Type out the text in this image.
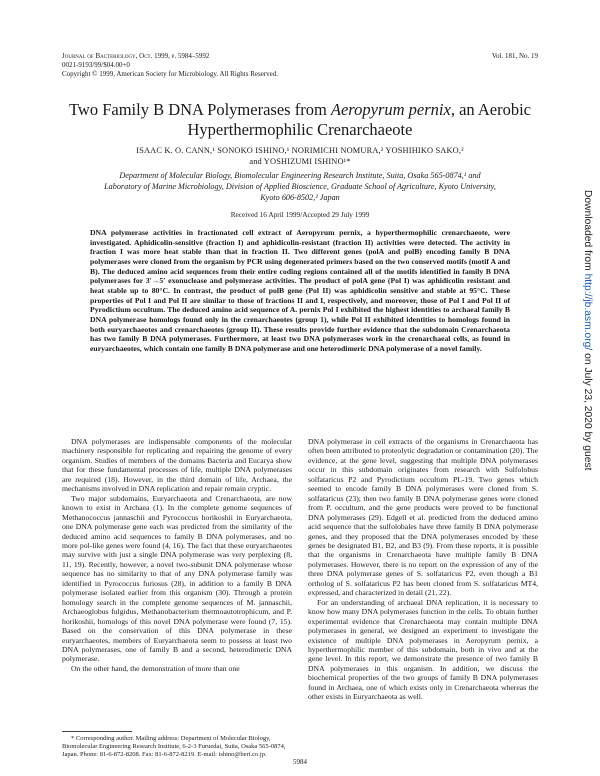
Journal of Bacteriology, Oct. 1999, p. 5984–5992
0021-9193/99/$04.00+0
Copyright © 1999, American Society for Microbiology. All Rights Reserved.
Vol. 181, No. 19
Two Family B DNA Polymerases from Aeropyrum pernix, an Aerobic Hyperthermophilic Crenarchaeote
ISAAC K. O. CANN,¹ SONOKO ISHINO,¹ NORIMICHI NOMURA,² YOSHIHIKO SAKO,²
and YOSHIZUMI ISHINO¹*
Department of Molecular Biology, Biomolecular Engineering Research Institute, Suita, Osaka 565-0874,¹ and
Laboratory of Marine Microbiology, Division of Applied Bioscience, Graduate School of Agriculture, Kyoto University,
Kyoto 606-8502,² Japan
Received 16 April 1999/Accepted 29 July 1999
DNA polymerase activities in fractionated cell extract of Aeropyrum pernix, a hyperthermophilic crenarchaeote, were investigated. Aphidicolin-sensitive (fraction I) and aphidicolin-resistant (fraction II) activities were detected. The activity in fraction I was more heat stable than that in fraction II. Two different genes (polA and polB) encoding family B DNA polymerases were cloned from the organism by PCR using degenerated primers based on the two conserved motifs (motif A and B). The deduced amino acid sequences from their entire coding regions contained all of the motifs identified in family B DNA polymerases for 3′→5′ exonuclease and polymerase activities. The product of polA gene (Pol I) was aphidicolin resistant and heat stable up to 80°C. In contrast, the product of polB gene (Pol II) was aphidicolin sensitive and stable at 95°C. These properties of Pol I and Pol II are similar to those of fractions II and I, respectively, and moreover, those of Pol I and Pol II of Pyrodictium occultum. The deduced amino acid sequence of A. pernix Pol I exhibited the highest identities to archaeal family B DNA polymerase homologs found only in the crenarchaeotes (group 1), while Pol II exhibited identities to homologs found in both euryarchaeotes and crenarchaeotes (group II). These results provide further evidence that the subdomain Crenarchaeota has two family B DNA polymerases. Furthermore, at least two DNA polymerases work in the crenarchaeal cells, as found in euryarchaeotes, which contain one family B DNA polymerase and one heterodimeric DNA polymerase of a novel family.

DNA polymerases are indispensable components of the molecular machinery responsible for replicating and repairing the genome of every organism. Studies of members of the domains Bacteria and Eucarya show that for these fundamental processes of life, multiple DNA polymerases are required (18). However, in the third domain of life, Archaea, the mechanisms involved in DNA replication and repair remain cryptic.

Two major subdomains, Euryarchaeota and Crenarchaeota, are now known to exist in Archaea (1). In the complete genome sequences of Methanococcus jannaschii and Pyrococcus horikoshii in Euryarchaeota, one DNA polymerase gene each was predicted from the similarity of the deduced amino acid sequences to family B DNA polymerases, and no more pol-like genes were found (4, 16). The fact that these euryarchaeotes may survive with just a single DNA polymerase was very perplexing (8, 11, 19). Recently, however, a novel two-subunit DNA polymerase whose sequence has no similarity to that of any DNA polymerase family was identified in Pyrococcus furiosus (28), in addition to a family B DNA polymerase isolated earlier from this organism (30). Through a protein homology search in the complete genome sequences of M. jannaschii, Archaeoglobus fulgidus, Methanobacterium thermoautotrophicum, and P. horikoshii, homologs of this novel DNA polymerase were found (7, 15). Based on the conservation of this DNA polymerase in these euryarchaeotes, members of Euryarchaeota seem to possess at least two DNA polymerases, one of family B and a second, heterodimeric DNA polymerase.

On the other hand, the demonstration of more than one

DNA polymerase in cell extracts of the organisms in Crenarchaeota has often been attributed to proteolytic degradation or contamination (20). The evidence, at the gene level, suggesting that multiple DNA polymerases occur in this subdomain originates from research with Sulfolobus solfataricus P2 and Pyrodictium occultum PL-19. Two genes which seemed to encode family B DNA polymerases were cloned from S. solfataricus (23); then two family B DNA polymerase genes were cloned from P. occultum, and the gene products were proved to be functional DNA polymerases (29). Edgell et al. predicted from the deduced amino acid sequence that the sulfolobales have three family B DNA polymerase genes, and they proposed that the DNA polymerases encoded by these genes be designated B1, B2, and B3 (9). From these reports, it is possible that the organisms in Crenarchaeota have multiple family B DNA polymerases. However, there is no report on the expression of any of the three DNA polymerase genes of S. solfataricus P2, even though a B1 ortholog of S. solfataricus P2 has been cloned from S. solfataricus MT4, expressed, and characterized in detail (21, 22).

For an understanding of archaeal DNA replication, it is necessary to know how many DNA polymerases function in the cells. To obtain further experimental evidence that Crenarchaeota may contain multiple DNA polymerases in general, we designed an experiment to investigate the existence of multiple DNA polymerases in Aeropyrum pernix, a hyperthermophilic member of this subdomain, both in vivo and at the gene level. In this report, we demonstrate the presence of two family B DNA polymerases in this organism. In addition, we discuss the biochemical properties of the two groups of family B DNA polymerases found in Archaea, one of which exists only in Crenarchaeota whereas the other exists in Euryarchaeota as well.

* Corresponding author. Mailing address: Department of Molecular Biology, Biomolecular Engineering Research Institute, 6-2-3 Furuedai, Suita, Osaka 565-0874, Japan. Phone: 81-6-872-8208. Fax: 81-6-872-8219. E-mail: ishino@beri.co.jp.
5984
Downloaded from http://jb.asm.org/ on July 23, 2020 by guest
